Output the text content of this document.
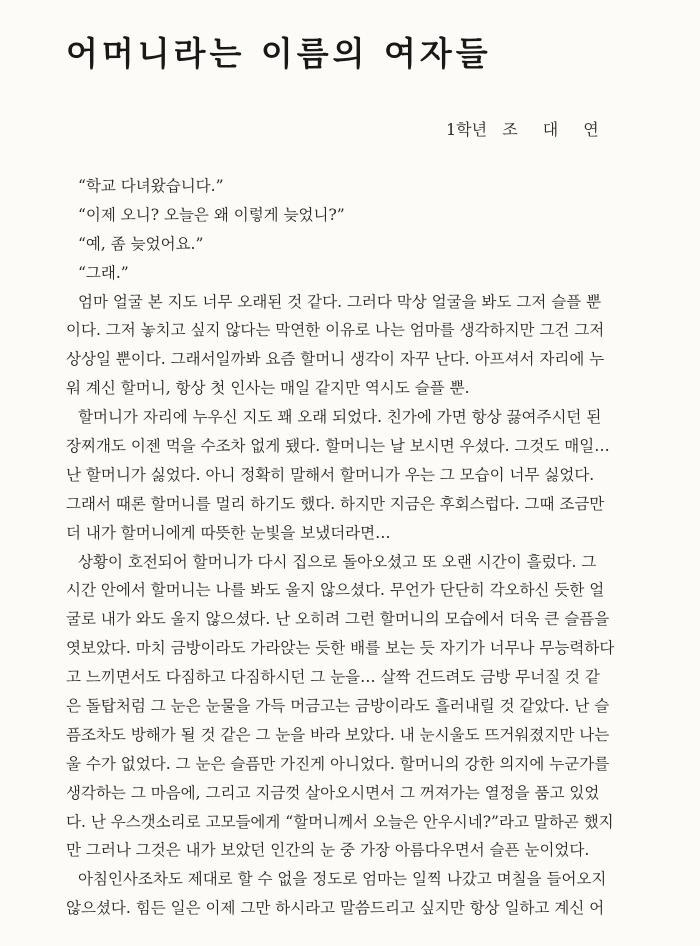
어머니라는 이름의 여자들
1학년 조 대 연
“학교 다녀왔습니다.”
“이제 오니? 오늘은 왜 이렇게 늦었니?”
“예, 좀 늦었어요.”
“그래.”
엄마 얼굴 본 지도 너무 오래된 것 같다. 그러다 막상 얼굴을 봐도 그저 슬플 뿐
이다. 그저 놓치고 싶지 않다는 막연한 이유로 나는 엄마를 생각하지만 그건 그저
상상일 뿐이다. 그래서일까봐 요즘 할머니 생각이 자꾸 난다. 아프셔서 자리에 누
워 계신 할머니, 항상 첫 인사는 매일 같지만 역시도 슬플 뿐.
할머니가 자리에 누우신 지도 꽤 오래 되었다. 친가에 가면 항상 끓여주시던 된
장찌개도 이젠 먹을 수조차 없게 됐다. 할머니는 날 보시면 우셨다. 그것도 매일…
난 할머니가 싫었다. 아니 정확히 말해서 할머니가 우는 그 모습이 너무 싫었다.
그래서 때론 할머니를 멀리 하기도 했다. 하지만 지금은 후회스럽다. 그때 조금만
더 내가 할머니에게 따뜻한 눈빛을 보냈더라면…
상황이 호전되어 할머니가 다시 집으로 돌아오셨고 또 오랜 시간이 흘렀다. 그
시간 안에서 할머니는 나를 봐도 울지 않으셨다. 무언가 단단히 각오하신 듯한 얼
굴로 내가 와도 울지 않으셨다. 난 오히려 그런 할머니의 모습에서 더욱 큰 슬픔을
엿보았다. 마치 금방이라도 가라앉는 듯한 배를 보는 듯 자기가 너무나 무능력하다
고 느끼면서도 다짐하고 다짐하시던 그 눈을… 살짝 건드려도 금방 무너질 것 같
은 돌탑처럼 그 눈은 눈물을 가득 머금고는 금방이라도 흘러내릴 것 같았다. 난 슬
픔조차도 방해가 될 것 같은 그 눈을 바라 보았다. 내 눈시울도 뜨거워졌지만 나는
울 수가 없었다. 그 눈은 슬픔만 가진게 아니었다. 할머니의 강한 의지에 누군가를
생각하는 그 마음에, 그리고 지금껏 살아오시면서 그 꺼져가는 열정을 품고 있었
다. 난 우스갯소리로 고모들에게 “할머니께서 오늘은 안우시네?”라고 말하곤 했지
만 그러나 그것은 내가 보았던 인간의 눈 중 가장 아름다우면서 슬픈 눈이었다.
아침인사조차도 제대로 할 수 없을 정도로 엄마는 일찍 나갔고 며칠을 들어오지
않으셨다. 힘든 일은 이제 그만 하시라고 말씀드리고 싶지만 항상 일하고 계신 어
